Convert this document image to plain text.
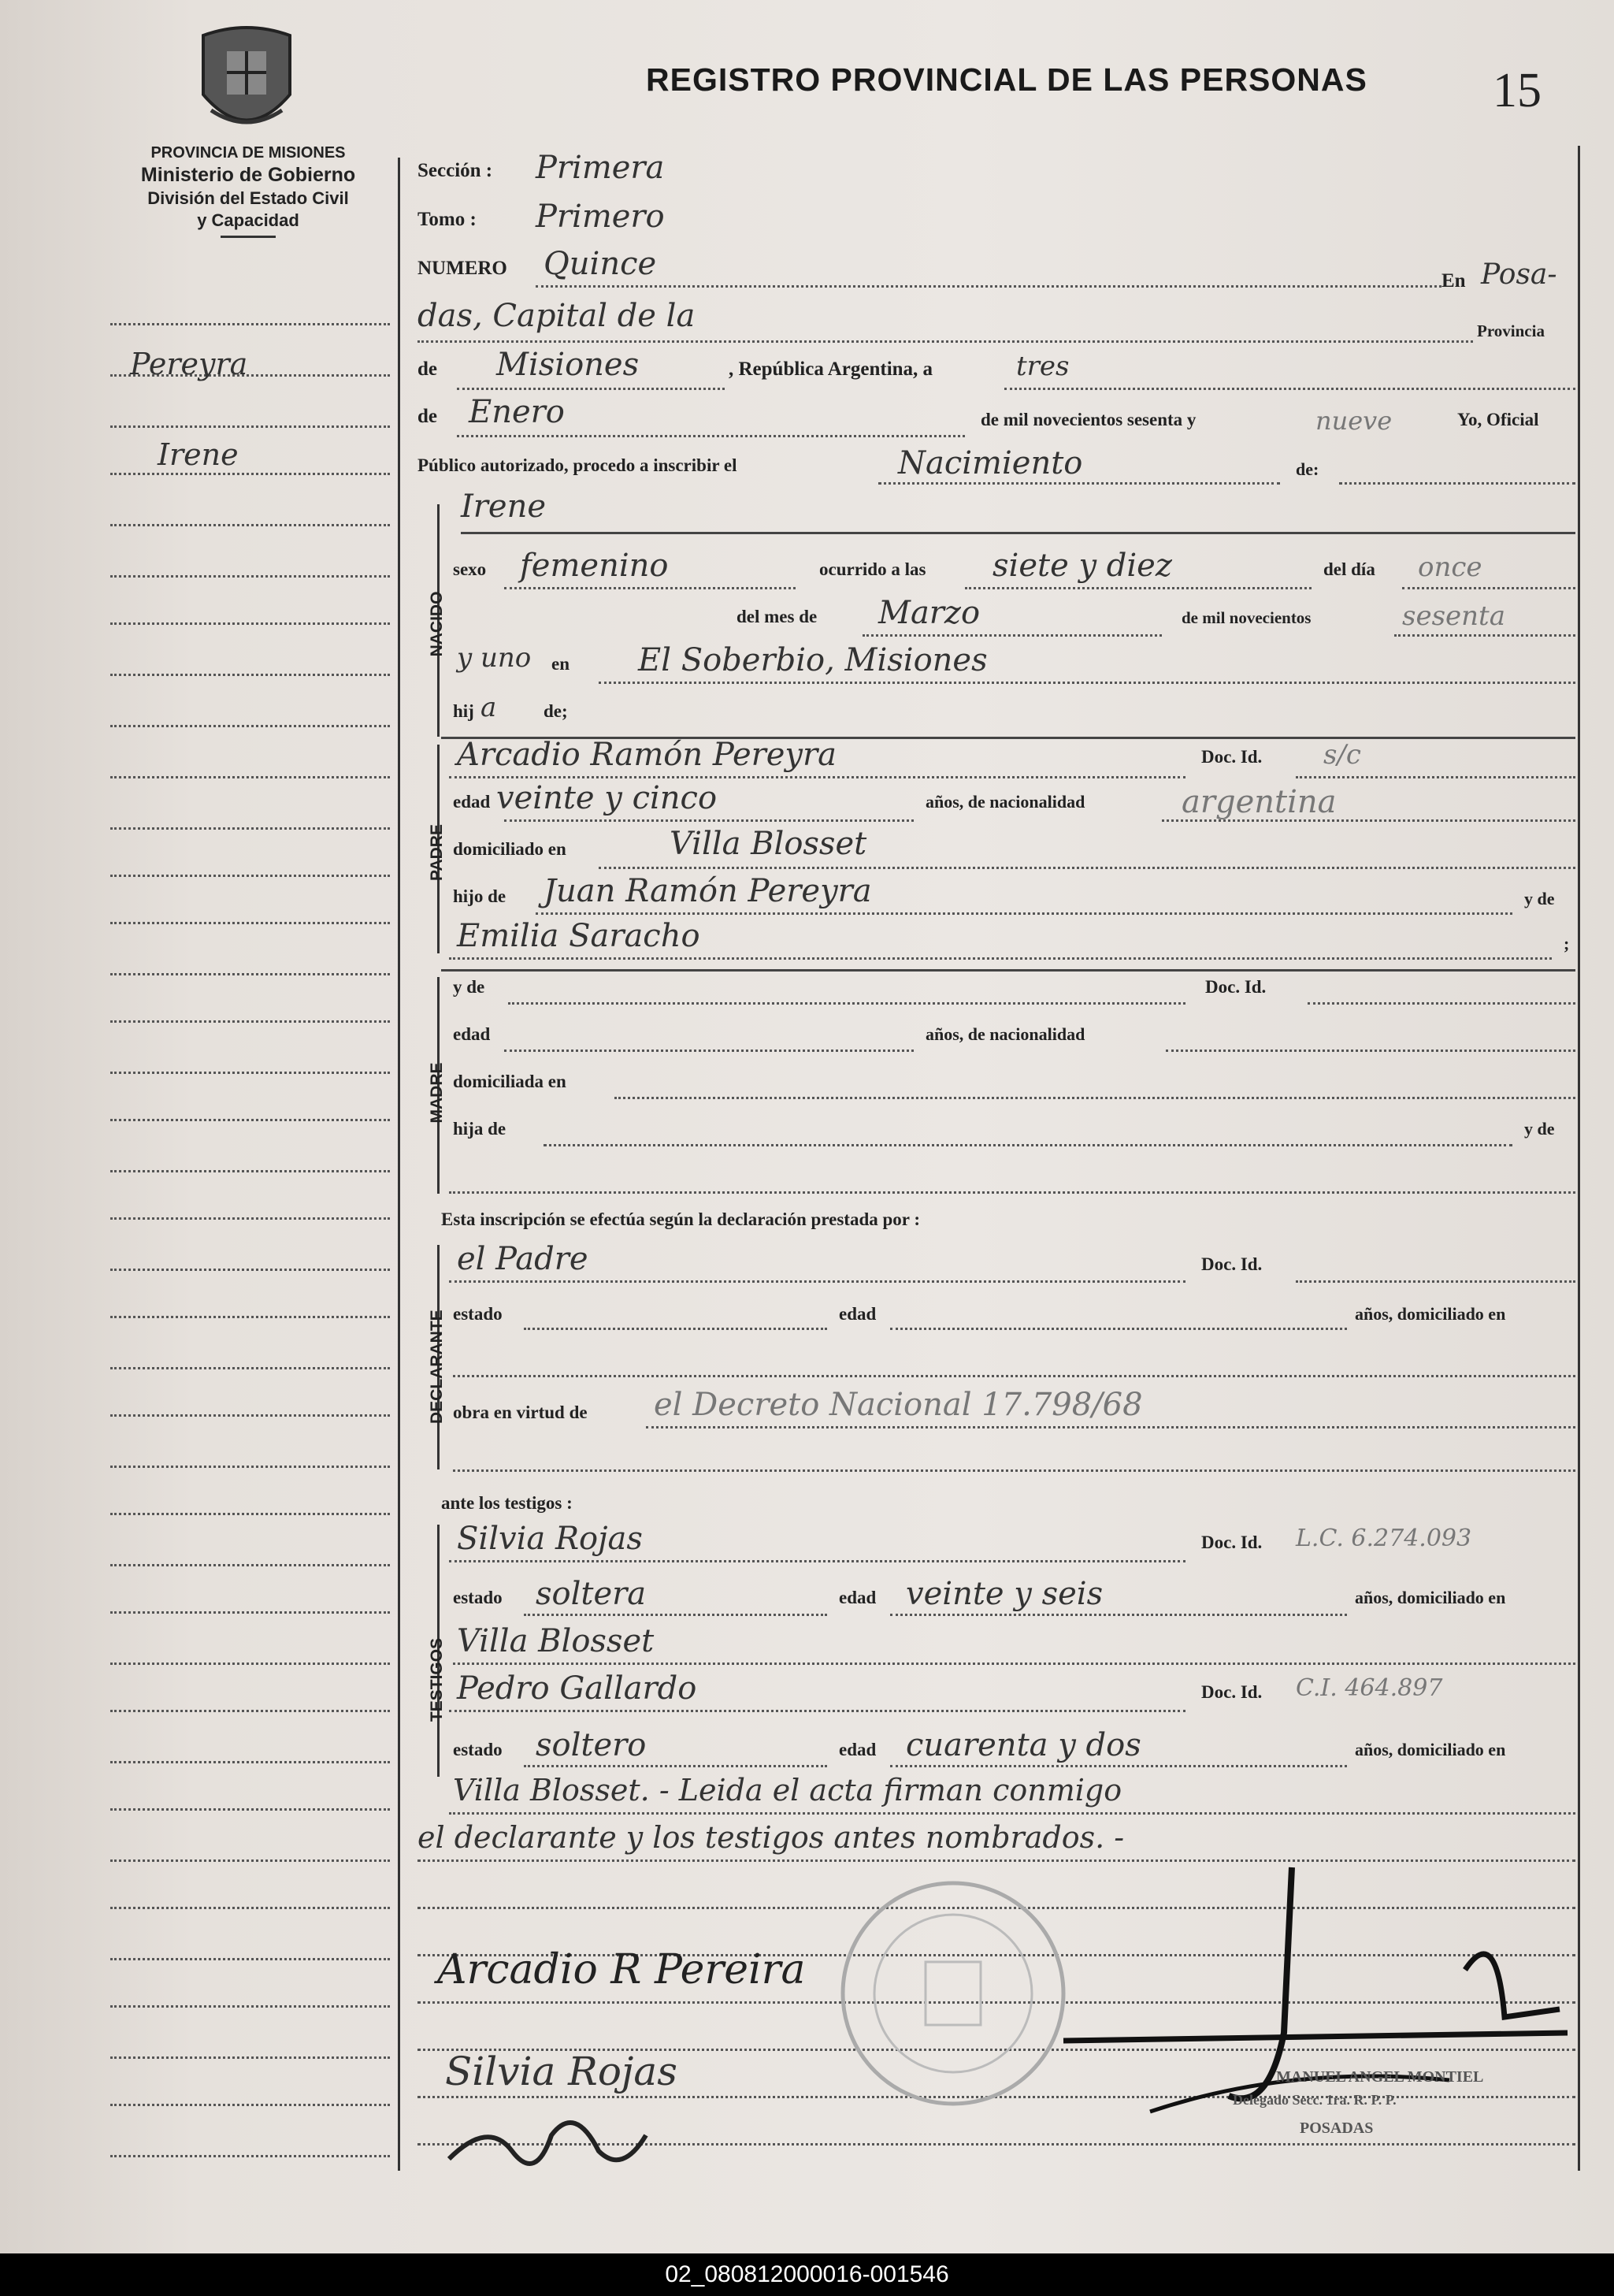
PROVINCIA DE MISIONES
Ministerio de Gobierno
División del Estado Civil
y Capacidad
REGISTRO PROVINCIAL DE LAS PERSONAS	15
Pereyra
Irene
Sección : Primera
Tomo : Primero
NUMERO Quince	En Posa-
das, Capital de la	Provincia
de Misiones	, República Argentina, a	tres
de Enero	de mil novecientos sesenta y	nueve	Yo, Oficial
Público autorizado, procedo a inscribir el	Nacimiento	de:
NACIDO
Irene
sexo femenino	ocurrido a las siete y diez	del día once
del mes de Marzo	de mil novecientos	sesenta
y uno en El Soberbio, Misiones
hij a	de;
PADRE
Arcadio Ramón Pereyra	Doc. Id. s/c
edad veinte y cinco	años, de nacionalidad	argentina
domiciliado en	Villa Blosset
hijo de Juan Ramón Pereyra	y de
Emilia Saracho	;
MADRE
y de	Doc. Id.
edad	años, de nacionalidad
domiciliada en
hija de	y de
Esta inscripción se efectúa según la declaración prestada por :
DECLARANTE
el Padre	Doc. Id.
estado	edad	años, domiciliado en
obra en virtud de el Decreto Nacional 17.798/68
ante los testigos :
TESTIGOS
Silvia Rojas	Doc. Id. L.C. 6.274.093
estado soltera	edad veinte y seis	años, domiciliado en
Villa Blosset
Pedro Gallardo	Doc. Id. C.I. 464.897
estado soltero	edad cuarenta y dos	años, domiciliado en
Villa Blosset. - Leida el acta firman conmigo
el declarante y los testigos antes nombrados. -
Arcadio R Pereira
Silvia Rojas	MANUEL ANGEL MONTIEL
Delegado Secc. 1ra. R. P. P.
POSADAS
02_080812000016-001546
